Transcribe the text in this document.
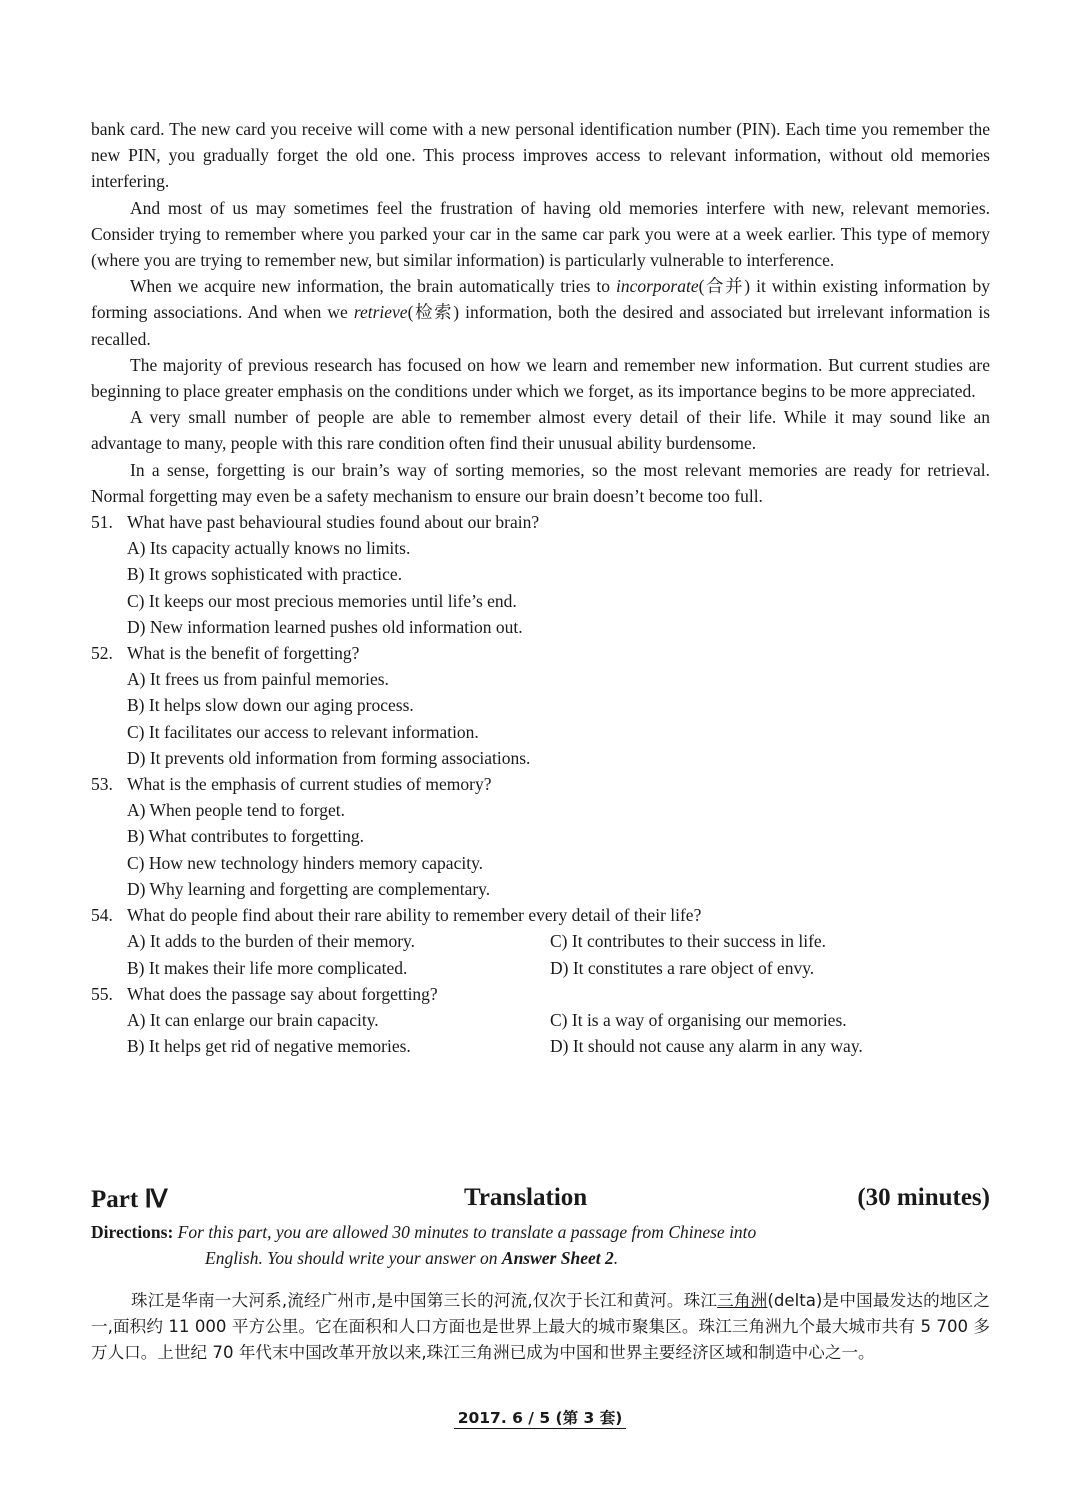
bank card. The new card you receive will come with a new personal identification number (PIN). Each time you remember the new PIN, you gradually forget the old one. This process improves access to relevant information, without old memories interfering.

And most of us may sometimes feel the frustration of having old memories interfere with new, relevant memories. Consider trying to remember where you parked your car in the same car park you were at a week earlier. This type of memory (where you are trying to remember new, but similar information) is particularly vulnerable to interference.

When we acquire new information, the brain automatically tries to incorporate(合并) it within existing information by forming associations. And when we retrieve(检索) information, both the desired and associated but irrelevant information is recalled.

The majority of previous research has focused on how we learn and remember new information. But current studies are beginning to place greater emphasis on the conditions under which we forget, as its importance begins to be more appreciated.

A very small number of people are able to remember almost every detail of their life. While it may sound like an advantage to many, people with this rare condition often find their unusual ability burdensome.

In a sense, forgetting is our brain’s way of sorting memories, so the most relevant memories are ready for retrieval. Normal forgetting may even be a safety mechanism to ensure our brain doesn’t become too full.

51. What have past behavioural studies found about our brain?

A) Its capacity actually knows no limits.

B) It grows sophisticated with practice.

C) It keeps our most precious memories until life’s end.

D) New information learned pushes old information out.

52. What is the benefit of forgetting?

A) It frees us from painful memories.

B) It helps slow down our aging process.

C) It facilitates our access to relevant information.

D) It prevents old information from forming associations.

53. What is the emphasis of current studies of memory?

A) When people tend to forget.

B) What contributes to forgetting.

C) How new technology hinders memory capacity.

D) Why learning and forgetting are complementary.

54. What do people find about their rare ability to remember every detail of their life?

A) It adds to the burden of their memory.	C) It contributes to their success in life.
B) It makes their life more complicated.	D) It constitutes a rare object of envy.

55. What does the passage say about forgetting?

A) It can enlarge our brain capacity.	C) It is a way of organising our memories.
B) It helps get rid of negative memories.	D) It should not cause any alarm in any way.
Part Ⅳ	Translation	(30 minutes)
Directions: For this part, you are allowed 30 minutes to translate a passage from Chinese into
English. You should write your answer on Answer Sheet 2.

珠江是华南一大河系,流经广州市,是中国第三长的河流,仅次于长江和黄河。珠江三角洲(delta)是中国最发达的地区之一,面积约 11 000 平方公里。它在面积和人口方面也是世界上最大的城市聚集区。珠江三角洲九个最大城市共有 5 700 多万人口。上世纪 70 年代末中国改革开放以来,珠江三角洲已成为中国和世界主要经济区域和制造中心之一。

2017. 6 / 5 (第 3 套)
